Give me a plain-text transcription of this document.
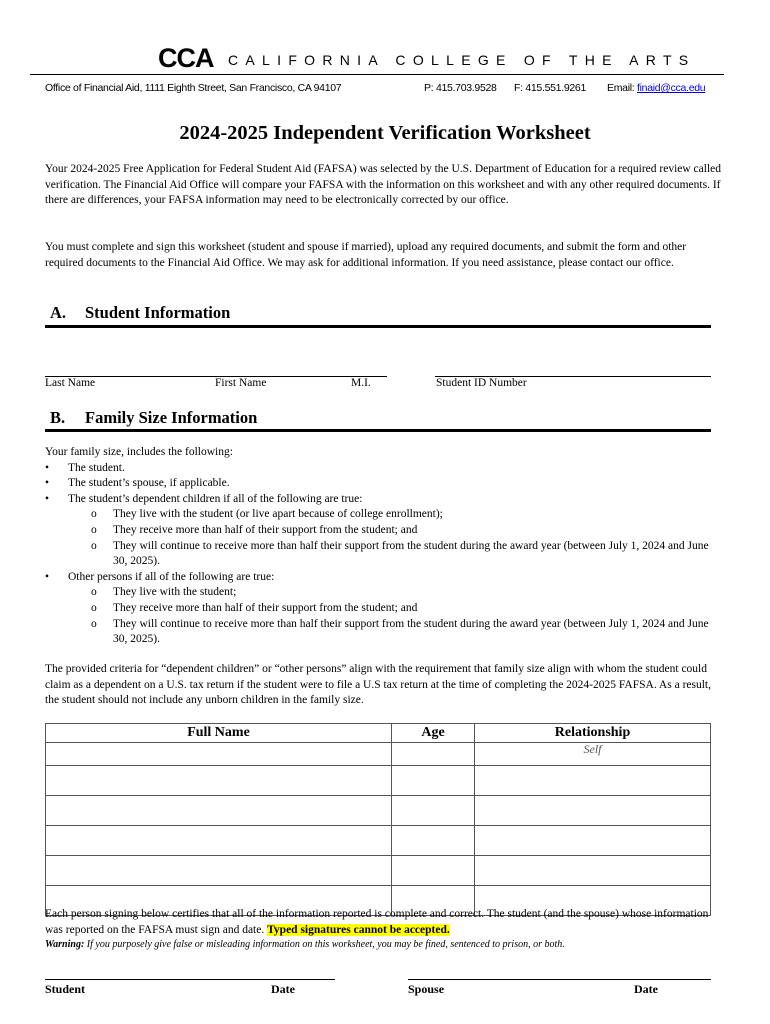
CCA CALIFORNIA COLLEGE OF THE ARTS
Office of Financial Aid, 1111 Eighth Street, San Francisco, CA 94107	P: 415.703.9528 F: 415.551.9261 Email: finaid@cca.edu
2024-2025 Independent Verification Worksheet
Your 2024-2025 Free Application for Federal Student Aid (FAFSA) was selected by the U.S. Department of Education for a required review called verification. The Financial Aid Office will compare your FAFSA with the information on this worksheet and with any other required documents. If there are differences, your FAFSA information may need to be electronically corrected by our office.
You must complete and sign this worksheet (student and spouse if married), upload any required documents, and submit the form and other required documents to the Financial Aid Office. We may ask for additional information. If you need assistance, please contact our office.
A. Student Information
Last Name	First Name	M.I.	Student ID Number
B. Family Size Information
Your family size, includes the following:
• The student.
• The student’s spouse, if applicable.
• The student’s dependent children if all of the following are true:
o They live with the student (or live apart because of college enrollment);
o They receive more than half of their support from the student; and
o They will continue to receive more than half their support from the student during the award year (between July 1, 2024 and June 30, 2025).
• Other persons if all of the following are true:
o They live with the student;
o They receive more than half of their support from the student; and
o They will continue to receive more than half their support from the student during the award year (between July 1, 2024 and June 30, 2025).
The provided criteria for “dependent children” or “other persons” align with the requirement that family size align with whom the student could claim as a dependent on a U.S. tax return if the student were to file a U.S tax return at the time of completing the 2024-2025 FAFSA. As a result, the student should not include any unborn children in the family size.
Full Name	Age	Relationship
		Self

Each person signing below certifies that all of the information reported is complete and correct. The student (and the spouse) whose information was reported on the FAFSA must sign and date. Typed signatures cannot be accepted.
Warning: If you purposely give false or misleading information on this worksheet, you may be fined, sentenced to prison, or both.
Student	Date	Spouse	Date
